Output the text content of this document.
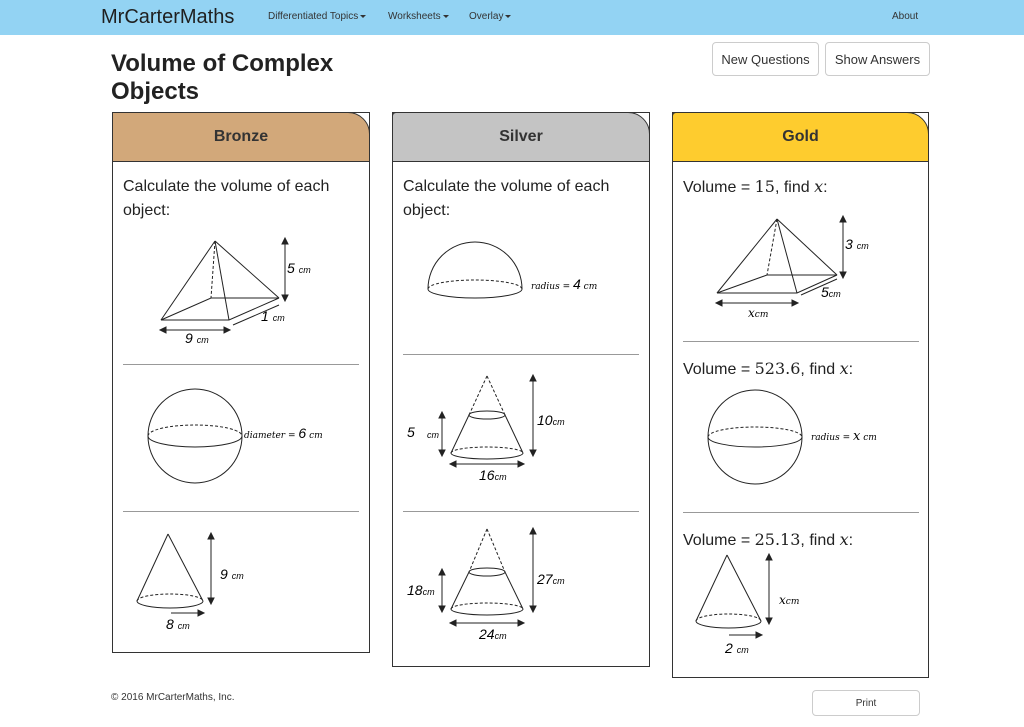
MrCarterMaths	Differentiated Topics	Worksheets	Overlay	About
Volume of Complex Objects
New Questions	Show Answers
Bronze
Calculate the volume of each object:
5 cm
1 cm
9 cm
diameter = 6 cm
9 cm
8 cm
Silver
Calculate the volume of each object:
radius = 4 cm
5 cm
10cm
16cm
18cm
27cm
24cm
Gold
Volume = 15, find x:
3 cm
5cm
xcm
Volume = 523.6, find x:
radius = x cm
Volume = 25.13, find x:
xcm
2 cm
© 2016 MrCarterMaths, Inc.	Print
